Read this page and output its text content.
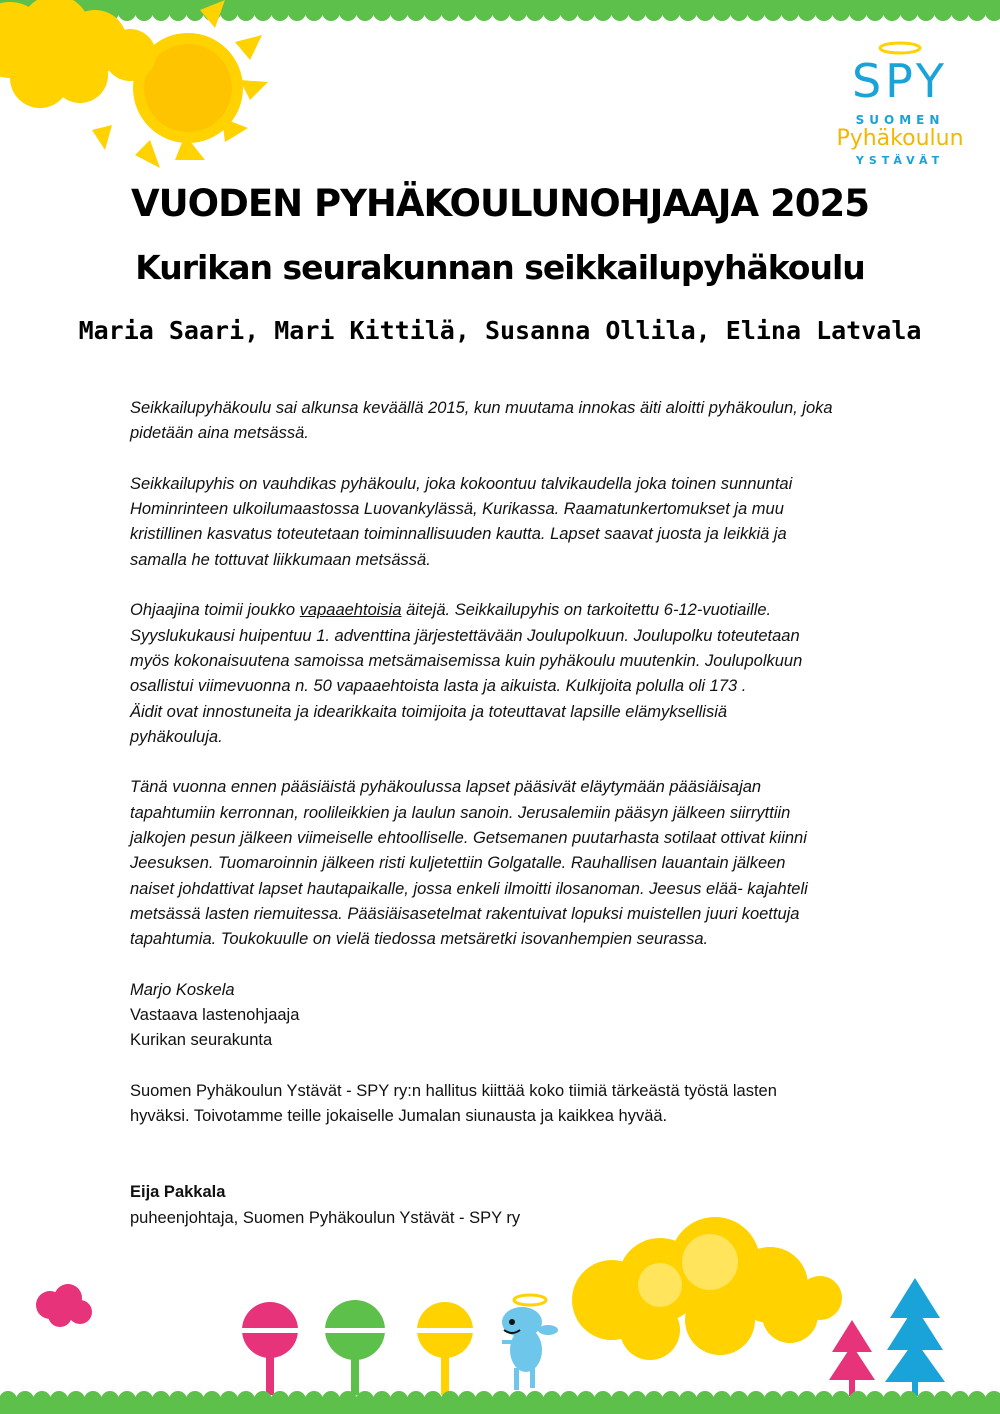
SPY
SUOMEN
Pyhäkoulun
YSTÄVÄT
VUODEN PYHÄKOULUNOHJAAJA 2025
Kurikan seurakunnan seikkailupyhäkoulu
Maria Saari, Mari Kittilä, Susanna Ollila, Elina Latvala

Seikkailupyhäkoulu sai alkunsa keväällä 2015, kun muutama innokas äiti aloitti pyhäkoulun, joka

pidetään aina metsässä.

Seikkailupyhis on vauhdikas pyhäkoulu, joka kokoontuu talvikaudella joka toinen sunnuntai

Hominrinteen ulkoilumaastossa Luovankylässä, Kurikassa. Raamatunkertomukset ja muu

kristillinen kasvatus toteutetaan toiminnallisuuden kautta. Lapset saavat juosta ja leikkiä ja

samalla he tottuvat liikkumaan metsässä.

Ohjaajina toimii joukko vapaaehtoisia äitejä. Seikkailupyhis on tarkoitettu 6-12-vuotiaille.

Syyslukukausi huipentuu 1. adventtina järjestettävään Joulupolkuun. Joulupolku toteutetaan

myös kokonaisuutena samoissa metsämaisemissa kuin pyhäkoulu muutenkin. Joulupolkuun

osallistui viimevuonna n. 50 vapaaehtoista lasta ja aikuista. Kulkijoita polulla oli 173 .

Äidit ovat innostuneita ja idearikkaita toimijoita ja toteuttavat lapsille elämyksellisiä

pyhäkouluja.

Tänä vuonna ennen pääsiäistä pyhäkoulussa lapset pääsivät eläytymään pääsiäisajan

tapahtumiin kerronnan, roolileikkien ja laulun sanoin. Jerusalemiin pääsyn jälkeen siirryttiin

jalkojen pesun jälkeen viimeiselle ehtoolliselle. Getsemanen puutarhasta sotilaat ottivat kiinni

Jeesuksen. Tuomaroinnin jälkeen risti kuljetettiin Golgatalle. Rauhallisen lauantain jälkeen

naiset johdattivat lapset hautapaikalle, jossa enkeli ilmoitti ilosanoman. Jeesus elää- kajahteli

metsässä lasten riemuitessa. Pääsiäisasetelmat rakentuivat lopuksi muistellen juuri koettuja

tapahtumia. Toukokuulle on vielä tiedossa metsäretki isovanhempien seurassa.

Marjo Koskela

Vastaava lastenohjaaja

Kurikan seurakunta

Suomen Pyhäkoulun Ystävät - SPY ry:n hallitus kiittää koko tiimiä tärkeästä työstä lasten

hyväksi. Toivotamme teille jokaiselle Jumalan siunausta ja kaikkea hyvää.

Eija Pakkala

puheenjohtaja, Suomen Pyhäkoulun Ystävät - SPY ry
